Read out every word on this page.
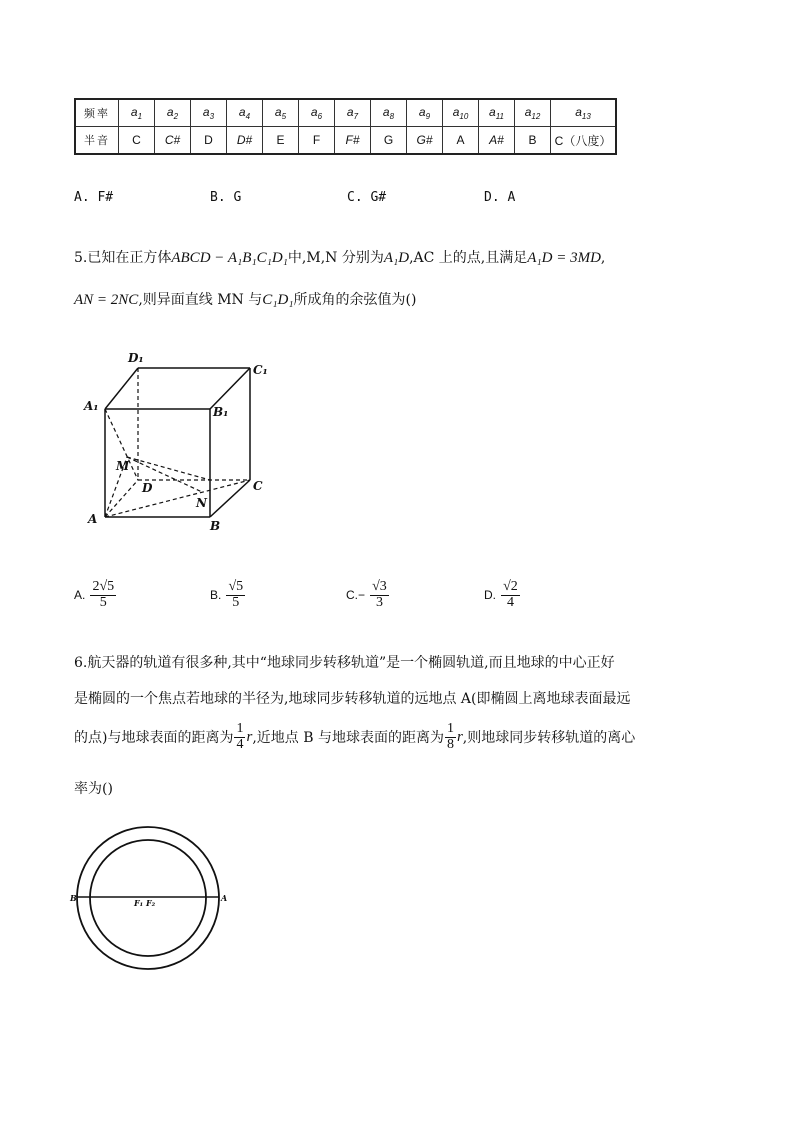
频率	$a_1$	$a_2$	$a_3$	$a_4$	$a_5$	$a_6$	$a_7$	$a_8$	$a_9$	$a_{10}$	$a_{11}$	$a_{12}$	$a_{13}$
半音	C	C#	D	D#	E	F	F#	G	G#	A	A#	B	C（八度）
A. F#	B. G	C. G#	D. A
5.已知在正方体ABCD − A₁B₁C₁D₁中,M,N 分别为A₁D,AC 上的点,且满足A₁D = 3MD,
AN = 2NC,则异面直线 MN 与C₁D₁所成角的余弦值为()
D₁
C₁
A₁	B₁
M
D	C
N
A	B
A. $\frac{2√5}{5}$	B. $\frac{√5}{5}$	$C.- \frac{√3}{3}$	D. $\frac{√2}{4}$
6.航天器的轨道有很多种,其中“地球同步转移轨道”是一个椭圆轨道,而且地球的中心正好
是椭圆的一个焦点若地球的半径为,地球同步转移轨道的远地点 A(即椭圆上离地球表面最远
的点)与地球表面的距离为 $\frac{1}{4}$ r ,近地点 B 与地球表面的距离为 $\frac{1}{8}$ r ,则地球同步转移轨道的离心
率为()
B	A
F₁ F₂
